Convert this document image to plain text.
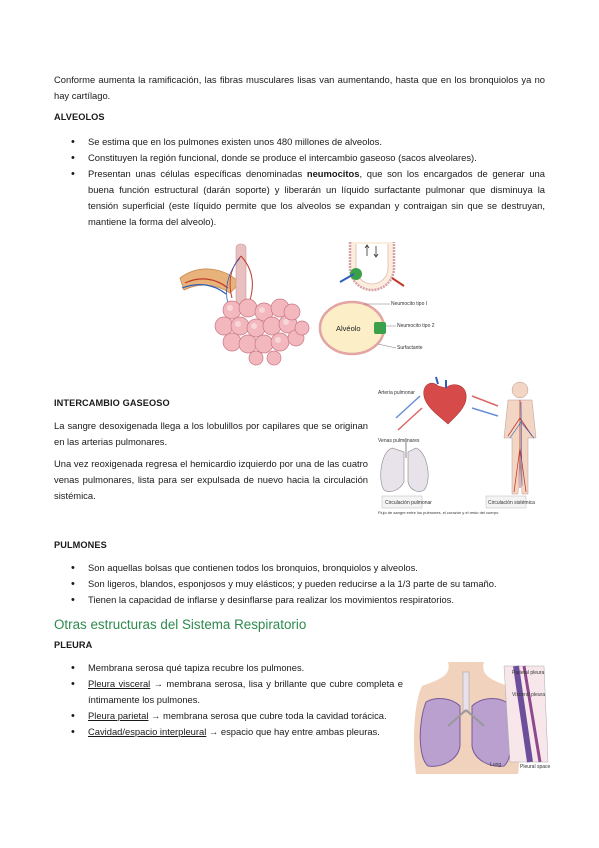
Conforme aumenta la ramificación, las fibras musculares lisas van aumentando, hasta que en los bronquiolos ya no hay cartílago.
ALVEOLOS
• Se estima que en los pulmones existen unos 480 millones de alveolos.
• Constituyen la región funcional, donde se produce el intercambio gaseoso (sacos alveolares).
• Presentan unas células específicas denominadas neumocitos, que son los encargados de generar una buena función estructural (darán soporte) y liberarán un líquido surfactante pulmonar que disminuya la tensión superficial (este líquido permite que los alveolos se expandan y contraigan sin que se destruyan, mantiene la forma del alveolo).
Alvéolo
Neumocito tipo I
Neumocito tipo 2
Surfactante
INTERCAMBIO GASEOSO
La sangre desoxigenada llega a los lobulillos por capilares que se originan en las arterias pulmonares.
Una vez reoxigenada regresa el hemicardio izquierdo por una de las cuatro venas pulmonares, lista para ser expulsada de nuevo hacia la circulación sistémica.
Arteria pulmonar
Venas pulmonares
Circulación pulmonar	Circulación sistémica
Flujo de sangre entre los pulmones, el corazón y el resto del cuerpo
PULMONES
• Son aquellas bolsas que contienen todos los bronquios, bronquiolos y alveolos.
• Son ligeros, blandos, esponjosos y muy elásticos; y pueden reducirse a la 1/3 parte de su tamaño.
• Tienen la capacidad de inflarse y desinflarse para realizar los movimientos respiratorios.
Otras estructuras del Sistema Respiratorio
PLEURA
• Membrana serosa qué tapiza recubre los pulmones.
• Pleura visceral → membrana serosa, lisa y brillante que cubre completa e íntimamente los pulmones.
• Pleura parietal → membrana serosa que cubre toda la cavidad torácica.
• Cavidad/espacio interpleural → espacio que hay entre ambas pleuras.
Parietal pleura
Visceral pleura
Lung	Pleural space
